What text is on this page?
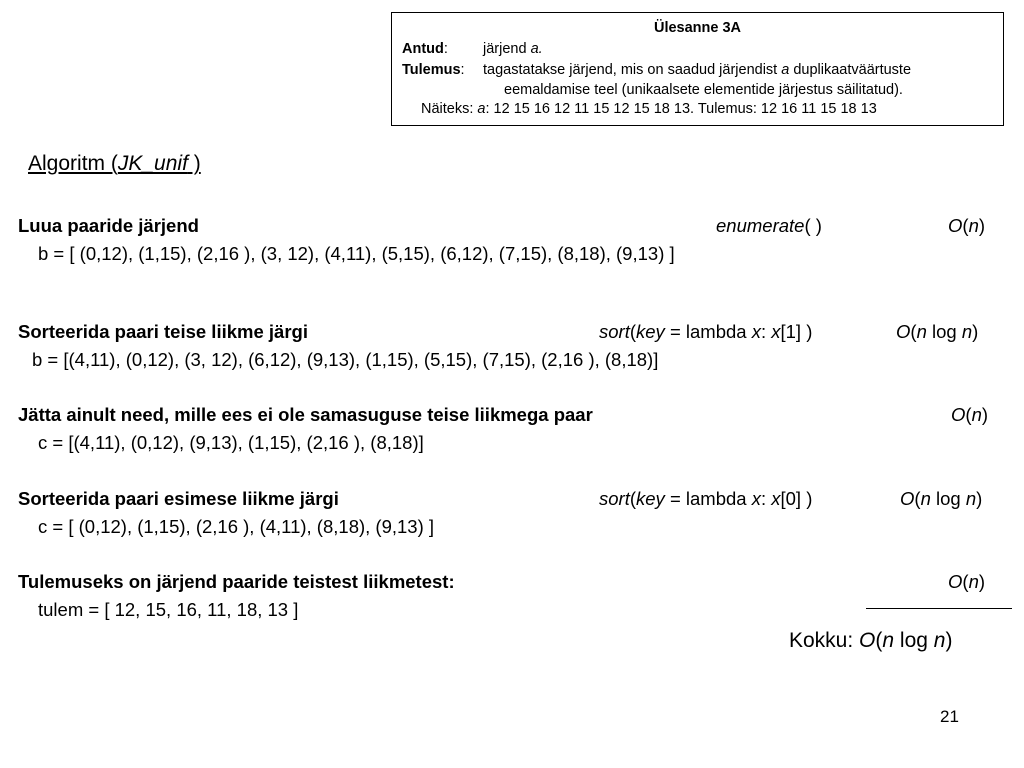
Ülesanne 3A
Antud: järjend a.
Tulemus: tagastatakse järjend, mis on saadud järjendist a duplikaatväärtuste
eemaldamise teel (unikaalsete elementide järjestus säilitatud).
Näiteks: a: 12 15 16 12 11 15 12 15 18 13. Tulemus: 12 16 11 15 18 13
Algoritm (JK_unif )
Luua paaride järjend	enumerate( )	O(n)
b = [ (0,12), (1,15), (2,16 ), (3, 12), (4,11), (5,15), (6,12), (7,15), (8,18), (9,13) ]
Sorteerida paari teise liikme järgi	sort(key = lambda x: x[1] )	O(n log n)
b = [(4,11), (0,12), (3, 12), (6,12), (9,13), (1,15), (5,15), (7,15), (2,16 ), (8,18)]
Jätta ainult need, mille ees ei ole samasuguse teise liikmega paar	O(n)
c = [(4,11), (0,12), (9,13), (1,15), (2,16 ), (8,18)]
Sorteerida paari esimese liikme järgi	sort(key = lambda x: x[0] )	O(n log n)
c = [ (0,12), (1,15), (2,16 ), (4,11), (8,18), (9,13) ]
Tulemuseks on järjend paaride teistest liikmetest:	O(n)
tulem = [ 12, 15, 16, 11, 18, 13 ]
Kokku: O(n log n)
21
